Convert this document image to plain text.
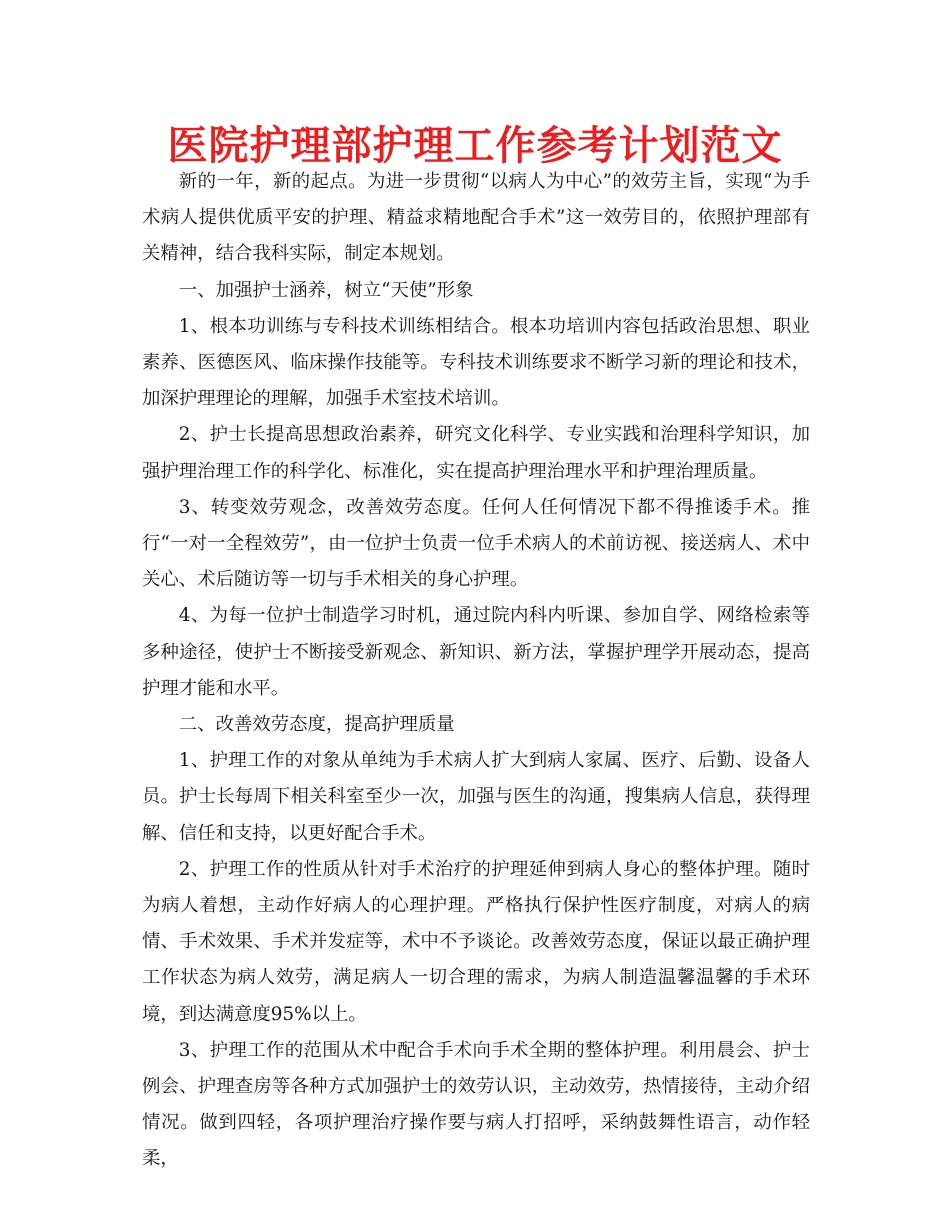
医院护理部护理工作参考计划范文

新的一年，新的起点。为进一步贯彻“以病人为中心”的效劳主旨，实现“为手术病人提供优质平安的护理、精益求精地配合手术”这一效劳目的，依照护理部有关精神，结合我科实际，制定本规划。

一、加强护士涵养，树立“天使”形象

1、根本功训练与专科技术训练相结合。根本功培训内容包括政治思想、职业素养、医德医风、临床操作技能等。专科技术训练要求不断学习新的理论和技术，加深护理理论的理解，加强手术室技术培训。

2、护士长提高思想政治素养，研究文化科学、专业实践和治理科学知识，加强护理治理工作的科学化、标准化，实在提高护理治理水平和护理治理质量。

3、转变效劳观念，改善效劳态度。任何人任何情况下都不得推诿手术。推行“一对一全程效劳”，由一位护士负责一位手术病人的术前访视、接送病人、术中关心、术后随访等一切与手术相关的身心护理。

4、为每一位护士制造学习时机，通过院内科内听课、参加自学、网络检索等多种途径，使护士不断接受新观念、新知识、新方法，掌握护理学开展动态，提高护理才能和水平。

二、改善效劳态度，提高护理质量

1、护理工作的对象从单纯为手术病人扩大到病人家属、医疗、后勤、设备人员。护士长每周下相关科室至少一次，加强与医生的沟通，搜集病人信息，获得理解、信任和支持，以更好配合手术。

2、护理工作的性质从针对手术治疗的护理延伸到病人身心的整体护理。随时为病人着想，主动作好病人的心理护理。严格执行保护性医疗制度，对病人的病情、手术效果、手术并发症等，术中不予谈论。改善效劳态度，保证以最正确护理工作状态为病人效劳，满足病人一切合理的需求，为病人制造温馨温馨的手术环境，到达满意度95%以上。

3、护理工作的范围从术中配合手术向手术全期的整体护理。利用晨会、护士例会、护理查房等各种方式加强护士的效劳认识，主动效劳，热情接待，主动介绍情况。做到四轻，各项护理治疗操作要与病人打招呼，采纳鼓舞性语言，动作轻柔，
